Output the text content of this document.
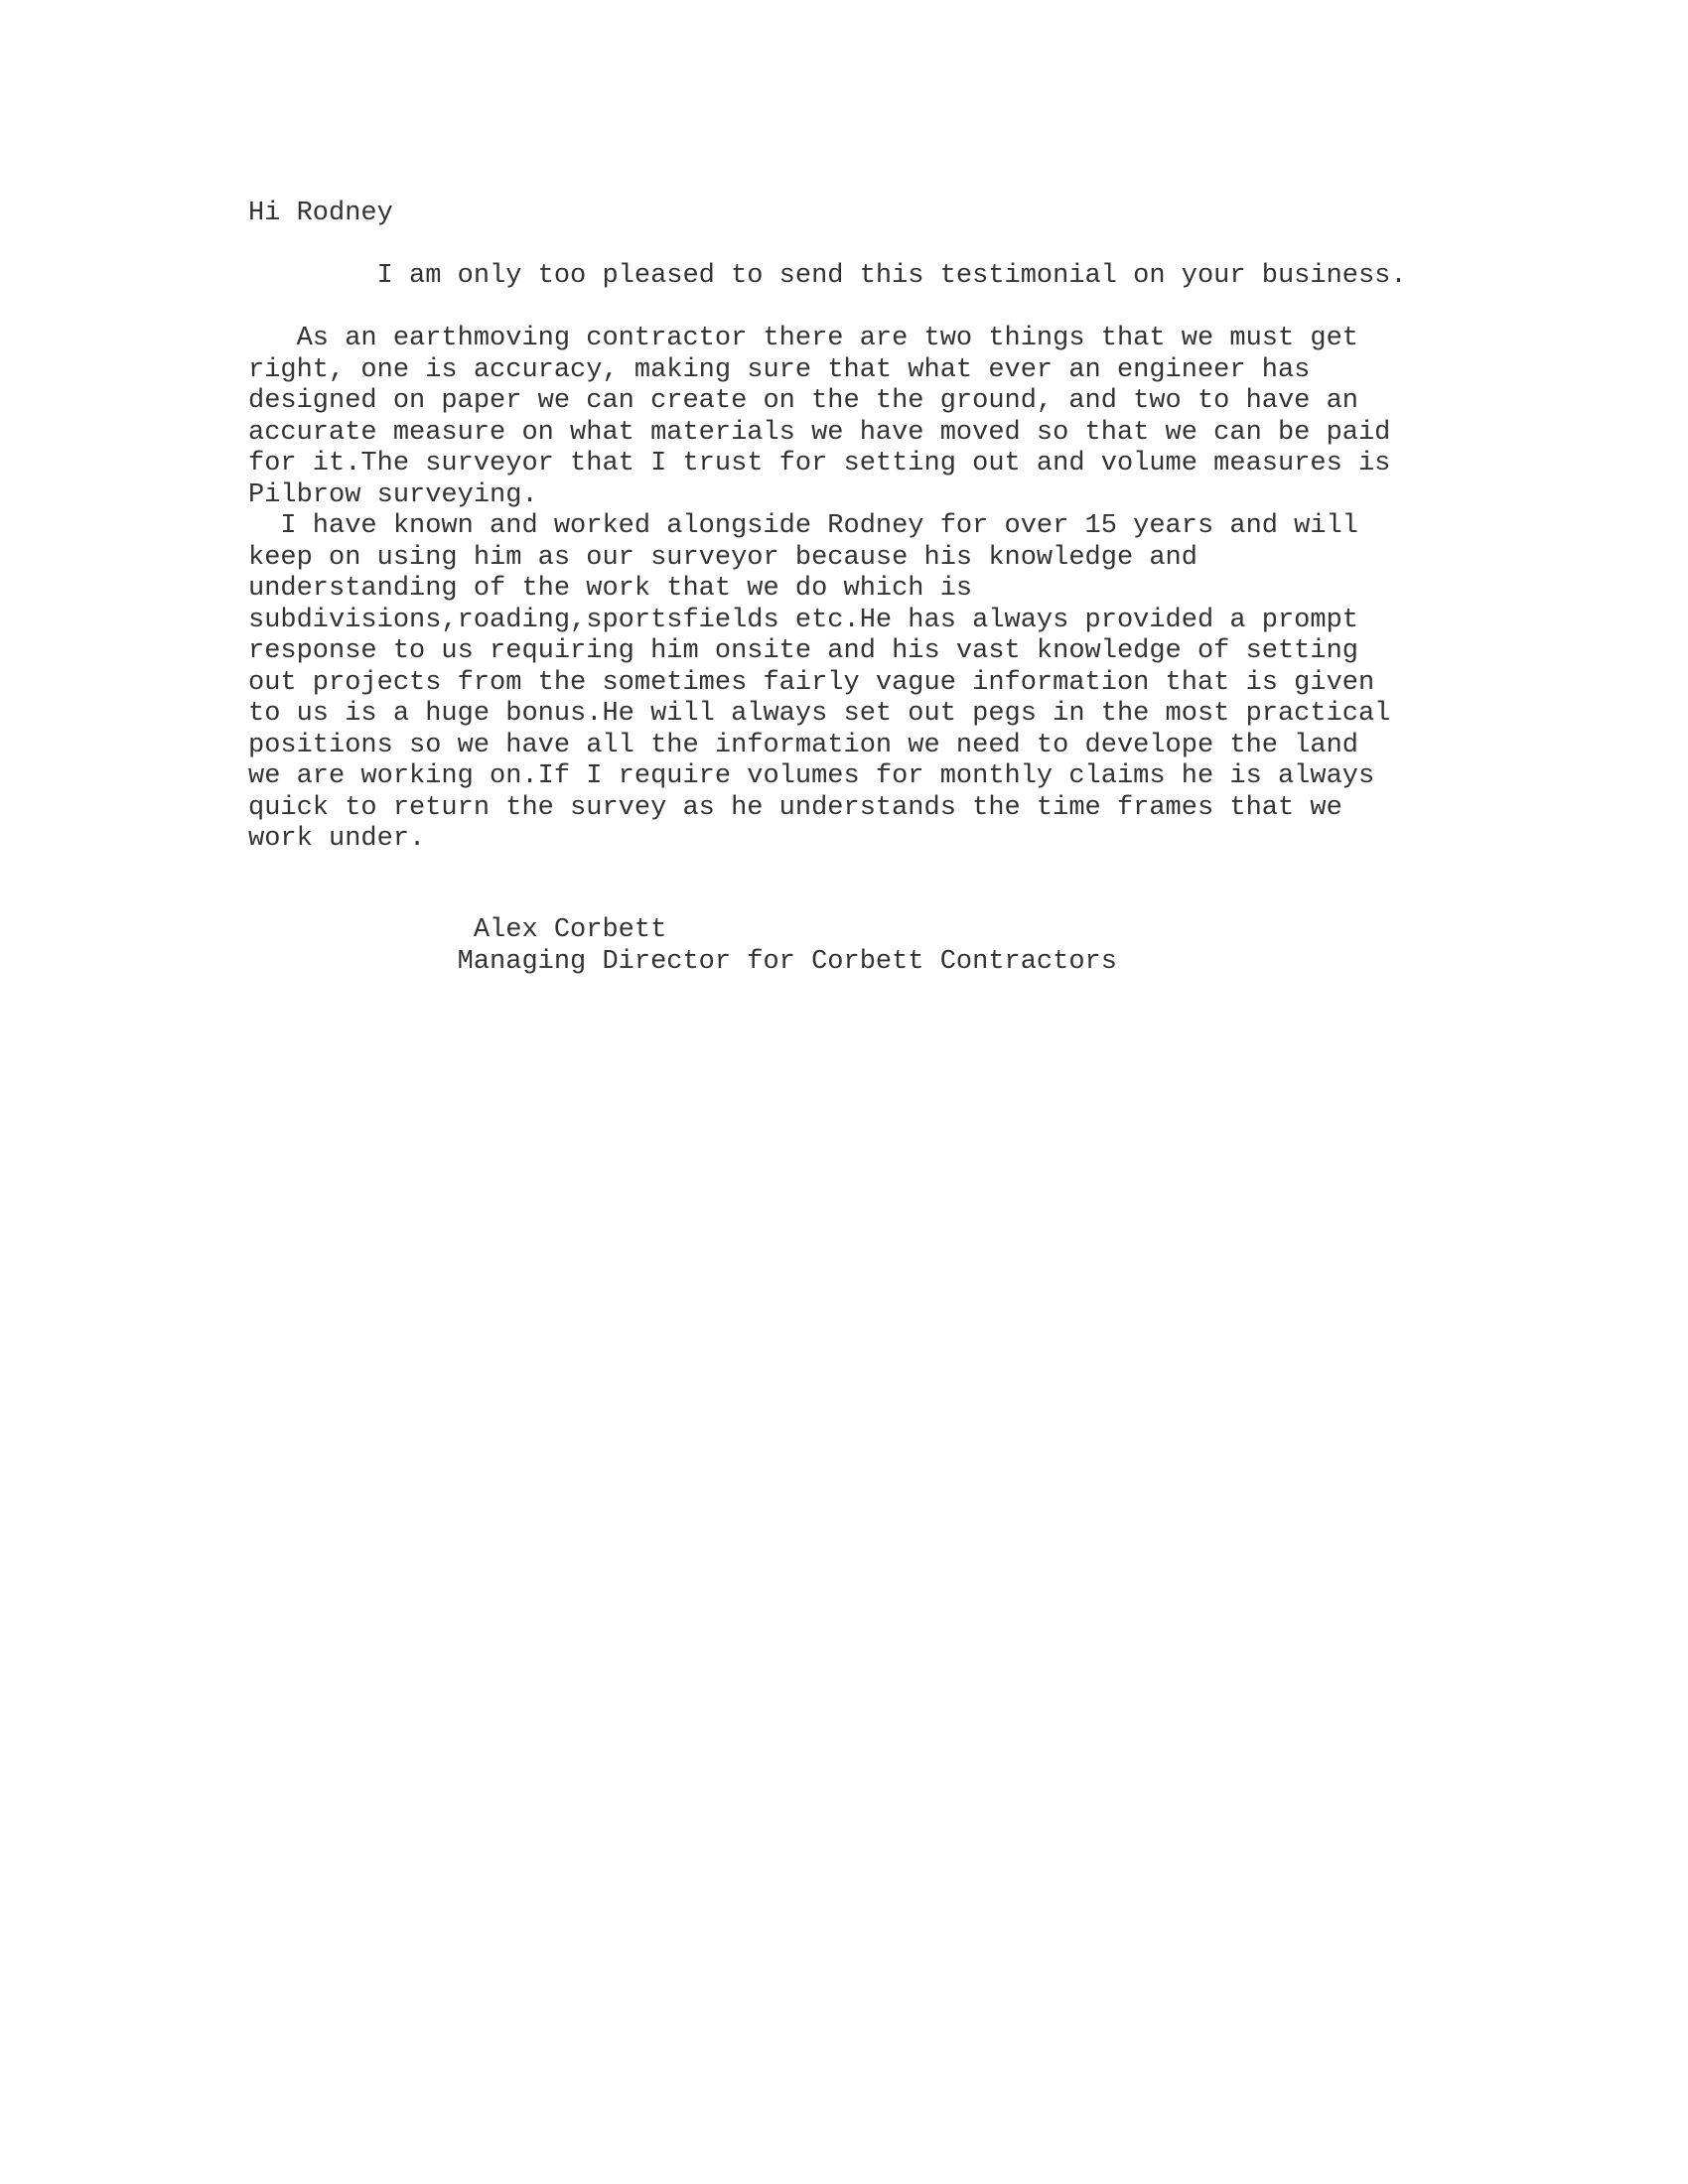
Hi Rodney

I am only too pleased to send this testimonial on your business.

As an earthmoving contractor there are two things that we must get
right, one is accuracy, making sure that what ever an engineer has
designed on paper we can create on the the ground, and two to have an
accurate measure on what materials we have moved so that we can be paid
for it.The surveyor that I trust for setting out and volume measures is
Pilbrow surveying.
I have known and worked alongside Rodney for over 15 years and will
keep on using him as our surveyor because his knowledge and
understanding of the work that we do which is
subdivisions,roading,sportsfields etc.He has always provided a prompt
response to us requiring him onsite and his vast knowledge of setting
out projects from the sometimes fairly vague information that is given
to us is a huge bonus.He will always set out pegs in the most practical
positions so we have all the information we need to develope the land
we are working on.If I require volumes for monthly claims he is always
quick to return the survey as he understands the time frames that we
work under.

Alex Corbett
Managing Director for Corbett Contractors
